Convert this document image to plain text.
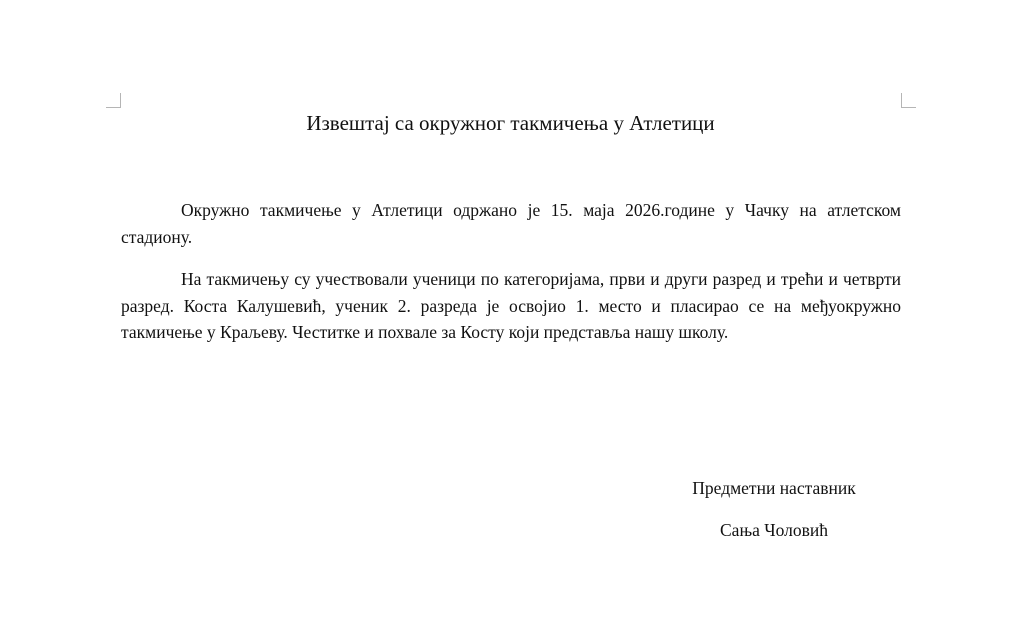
Извештај са окружног такмичења у Атлетици

Окружно такмичење у Атлетици одржано је 15. маја 2026.године у Чачку на атлетском стадиону.

На такмичењу су учествовали ученици по категоријама, први и други разред и трећи и четврти разред. Коста Калушевић, ученик 2. разреда је освојио 1. место и пласирао се на међуокружно такмичење у Краљеву. Честитке и похвале за Косту који представља нашу школу.

Предметни наставник

Сања Чоловић
